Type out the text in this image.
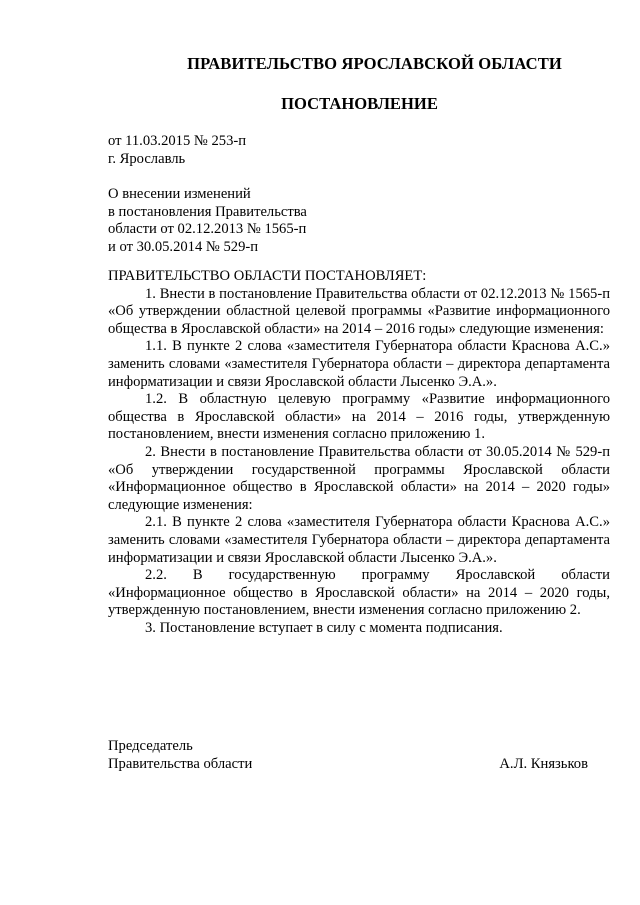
ПРАВИТЕЛЬСТВО ЯРОСЛАВСКОЙ ОБЛАСТИ
ПОСТАНОВЛЕНИЕ
от 11.03.2015 № 253-п
г. Ярославль
О внесении изменений
в постановления Правительства
области от 02.12.2013 № 1565-п
и от 30.05.2014 № 529-п

ПРАВИТЕЛЬСТВО ОБЛАСТИ ПОСТАНОВЛЯЕТ:

1. Внести в постановление Правительства области от 02.12.2013 № 1565-п «Об утверждении областной целевой программы «Развитие информационного общества в Ярославской области» на 2014 – 2016 годы» следующие изменения:

1.1. В пункте 2 слова «заместителя Губернатора области Краснова А.С.» заменить словами «заместителя Губернатора области – директора департамента информатизации и связи Ярославской области Лысенко Э.А.».

1.2. В областную целевую программу «Развитие информационного общества в Ярославской области» на 2014 – 2016 годы, утвержденную постановлением, внести изменения согласно приложению 1.

2. Внести в постановление Правительства области от 30.05.2014 № 529-п «Об утверждении государственной программы Ярославской области «Информационное общество в Ярославской области» на 2014 – 2020 годы» следующие изменения:

2.1. В пункте 2 слова «заместителя Губернатора области Краснова А.С.» заменить словами «заместителя Губернатора области – директора департамента информатизации и связи Ярославской области Лысенко Э.А.».

2.2. В государственную программу Ярославской области «Информационное общество в Ярославской области» на 2014 – 2020 годы, утвержденную постановлением, внести изменения согласно приложению 2.

3. Постановление вступает в силу с момента подписания.

Председатель
Правительства области	А.Л. Князьков
